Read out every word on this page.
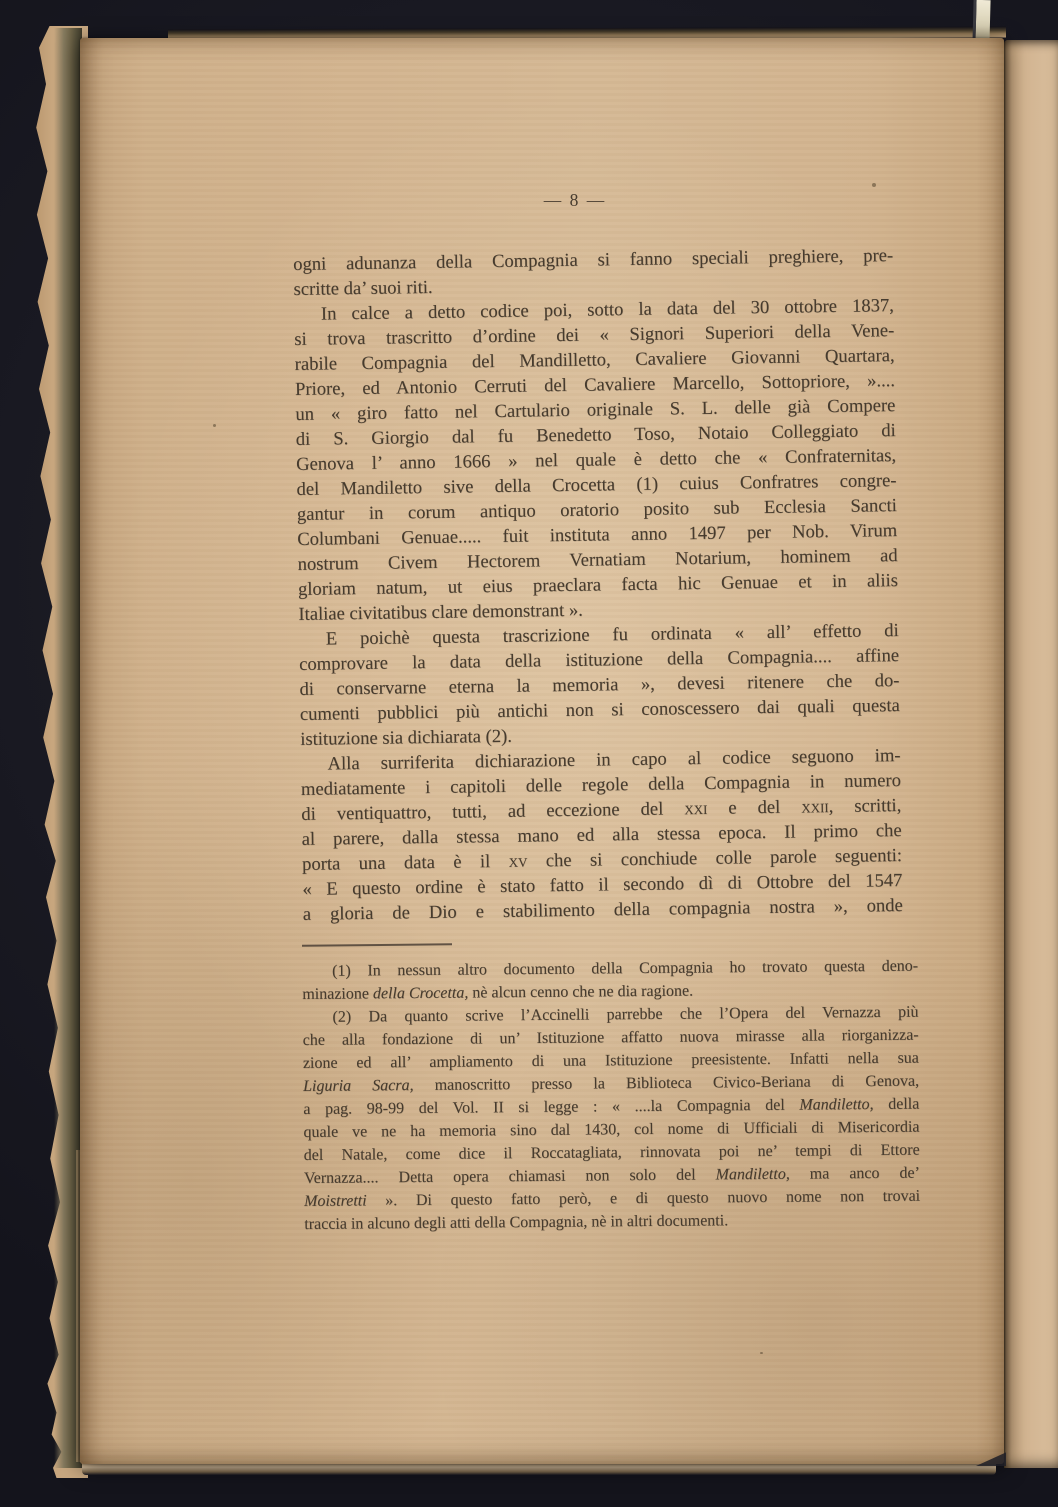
— 8 —
ogni adunanza della Compagnia si fanno speciali preghiere, pre-
scritte da’ suoi riti.
In calce a detto codice poi, sotto la data del 30 ottobre 1837,
si trova trascritto d’ordine dei « Signori Superiori della Vene-
rabile Compagnia del Mandilletto, Cavaliere Giovanni Quartara,
Priore, ed Antonio Cerruti del Cavaliere Marcello, Sottopriore, »....
un « giro fatto nel Cartulario originale S. L. delle già Compere
di S. Giorgio dal fu Benedetto Toso, Notaio Colleggiato di
Genova l’ anno 1666 » nel quale è detto che « Confraternitas,
del Mandiletto sive della Crocetta (1) cuius Confratres congre-
gantur in corum antiquo oratorio posito sub Ecclesia Sancti
Columbani Genuae..... fuit instituta anno 1497 per Nob. Virum
nostrum Civem Hectorem Vernatiam Notarium, hominem ad
gloriam natum, ut eius praeclara facta hic Genuae et in aliis
Italiae civitatibus clare demonstrant ».
E poichè questa trascrizione fu ordinata « all’ effetto di
comprovare la data della istituzione della Compagnia.... affine
di conservarne eterna la memoria », devesi ritenere che do-
cumenti pubblici più antichi non si conoscessero dai quali questa
istituzione sia dichiarata (2).
Alla surriferita dichiarazione in capo al codice seguono im-
mediatamente i capitoli delle regole della Compagnia in numero
di ventiquattro, tutti, ad eccezione del xxi e del xxii, scritti,
al parere, dalla stessa mano ed alla stessa epoca. Il primo che
porta una data è il xv che si conchiude colle parole seguenti:
« E questo ordine è stato fatto il secondo dì di Ottobre del 1547
a gloria de Dio e stabilimento della compagnia nostra », onde
(1) In nessun altro documento della Compagnia ho trovato questa deno-
minazione della Crocetta, nè alcun cenno che ne dia ragione.
(2) Da quanto scrive l’Accinelli parrebbe che l’Opera del Vernazza più
che alla fondazione di un’ Istituzione affatto nuova mirasse alla riorganizza-
zione ed all’ ampliamento di una Istituzione preesistente. Infatti nella sua
Liguria Sacra, manoscritto presso la Biblioteca Civico-Beriana di Genova,
a pag. 98-99 del Vol. II si legge : « ....la Compagnia del Mandiletto, della
quale ve ne ha memoria sino dal 1430, col nome di Ufficiali di Misericordia
del Natale, come dice il Roccatagliata, rinnovata poi ne’ tempi di Ettore
Vernazza.... Detta opera chiamasi non solo del Mandiletto, ma anco de’
Moistretti ». Di questo fatto però, e di questo nuovo nome non trovai
traccia in alcuno degli atti della Compagnia, nè in altri documenti.
